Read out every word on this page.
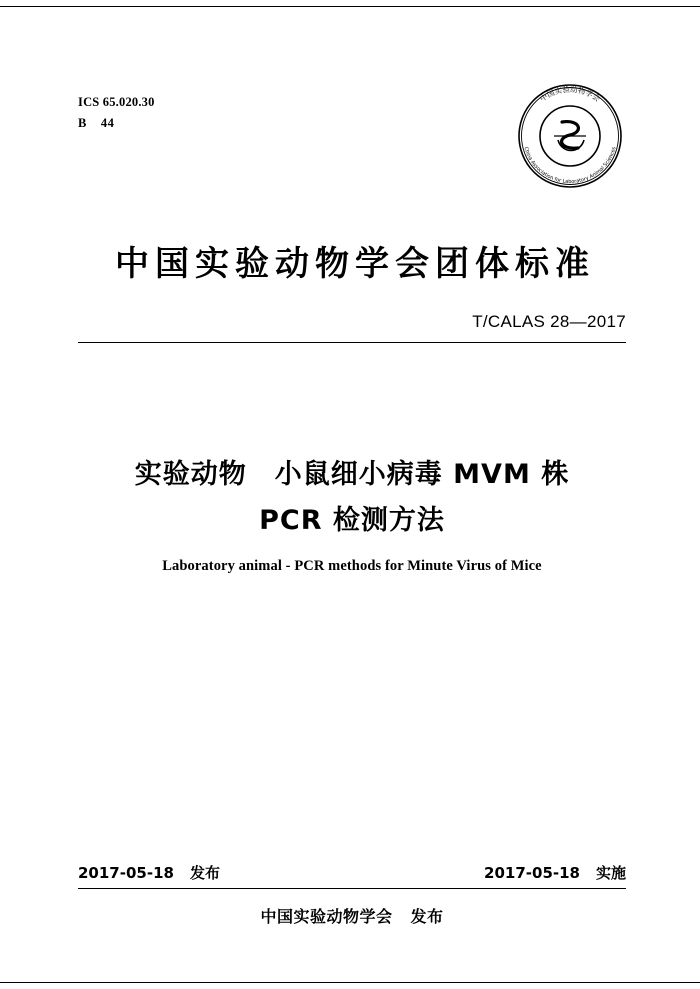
ICS 65.020.30
B 44
中国实验动物学会
China Association for Laboratory Animal Sciences
中国实验动物学会团体标准
T/CALAS 28—2017
实验动物 小鼠细小病毒 MVM 株
PCR 检测方法
Laboratory animal - PCR methods for Minute Virus of Mice
2017-05-18 发布	2017-05-18 实施
中国实验动物学会 发布
